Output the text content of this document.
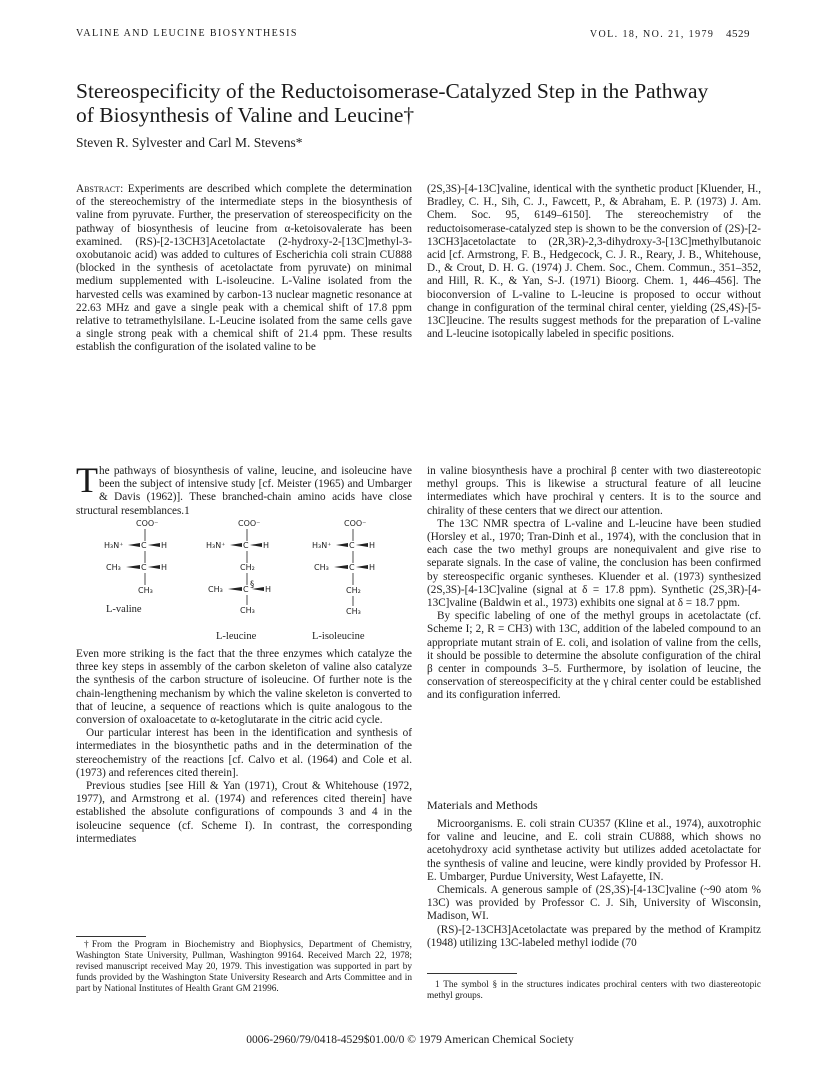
VALINE AND LEUCINE BIOSYNTHESIS	VOL. 18, NO. 21, 1979 4529
Stereospecificity of the Reductoisomerase-Catalyzed Step in the Pathway of Biosynthesis of Valine and Leucine†
Steven R. Sylvester and Carl M. Stevens*

Abstract: Experiments are described which complete the determination of the stereochemistry of the intermediate steps in the biosynthesis of valine from pyruvate. Further, the preservation of stereospecificity on the pathway of biosynthesis of leucine from α-ketoisovalerate has been examined. (RS)-[2-13CH3]Acetolactate (2-hydroxy-2-[13C]methyl-3-oxobutanoic acid) was added to cultures of Escherichia coli strain CU888 (blocked in the synthesis of acetolactate from pyruvate) on minimal medium supplemented with L-isoleucine. L-Valine isolated from the harvested cells was examined by carbon-13 nuclear magnetic resonance at 22.63 MHz and gave a single peak with a chemical shift of 17.8 ppm relative to tetramethylsilane. L-Leucine isolated from the same cells gave a single strong peak with a chemical shift of 21.4 ppm. These results establish the configuration of the isolated valine to be

(2S,3S)-[4-13C]valine, identical with the synthetic product [Kluender, H., Bradley, C. H., Sih, C. J., Fawcett, P., & Abraham, E. P. (1973) J. Am. Chem. Soc. 95, 6149–6150]. The stereochemistry of the reductoisomerase-catalyzed step is shown to be the conversion of (2S)-[2-13CH3]acetolactate to (2R,3R)-2,3-dihydroxy-3-[13C]methylbutanoic acid [cf. Armstrong, F. B., Hedgecock, C. J. R., Reary, J. B., Whitehouse, D., & Crout, D. H. G. (1974) J. Chem. Soc., Chem. Commun., 351–352, and Hill, R. K., & Yan, S-J. (1971) Bioorg. Chem. 1, 446–456]. The bioconversion of L-valine to L-leucine is proposed to occur without change in configuration of the terminal chiral center, yielding (2S,4S)-[5-13C]leucine. The results suggest methods for the preparation of L-valine and L-leucine isotopically labeled in specific positions.

The pathways of biosynthesis of valine, leucine, and isoleucine have been the subject of intensive study [cf. Meister (1965) and Umbarger & Davis (1962)]. These branched-chain amino acids have close structural resemblances.1

COO⁻
H₃N⁺ C H
CH₃	C H
CH₃
L-valine
COO⁻
H₃N⁺ C H
CH₂
CH₃	C § H
CH₃
L-leucine
COO⁻
H₃N⁺ C H
CH₃	C H
CH₂
CH₃
L-isoleucine

Even more striking is the fact that the three enzymes which catalyze the three key steps in assembly of the carbon skeleton of valine also catalyze the synthesis of the carbon structure of isoleucine. Of further note is the chain-lengthening mechanism by which the valine skeleton is converted to that of leucine, a sequence of reactions which is quite analogous to the conversion of oxaloacetate to α-ketoglutarate in the citric acid cycle.

Our particular interest has been in the identification and synthesis of intermediates in the biosynthetic paths and in the determination of the stereochemistry of the reactions [cf. Calvo et al. (1964) and Cole et al. (1973) and references cited therein].

Previous studies [see Hill & Yan (1971), Crout & Whitehouse (1972, 1977), and Armstrong et al. (1974) and references cited therein] have established the absolute configurations of compounds 3 and 4 in the isoleucine sequence (cf. Scheme I). In contrast, the corresponding intermediates

†From the Program in Biochemistry and Biophysics, Department of Chemistry, Washington State University, Pullman, Washington 99164. Received March 22, 1978; revised manuscript received May 20, 1979. This investigation was supported in part by funds provided by the Washington State University Research and Arts Committee and in part by National Institutes of Health Grant GM 21996.

in valine biosynthesis have a prochiral β center with two diastereotopic methyl groups. This is likewise a structural feature of all leucine intermediates which have prochiral γ centers. It is to the source and chirality of these centers that we direct our attention.

The 13C NMR spectra of L-valine and L-leucine have been studied (Horsley et al., 1970; Tran-Dinh et al., 1974), with the conclusion that in each case the two methyl groups are nonequivalent and give rise to separate signals. In the case of valine, the conclusion has been confirmed by stereospecific organic syntheses. Kluender et al. (1973) synthesized (2S,3S)-[4-13C]valine (signal at δ = 17.8 ppm). Synthetic (2S,3R)-[4-13C]valine (Baldwin et al., 1973) exhibits one signal at δ = 18.7 ppm.

By specific labeling of one of the methyl groups in acetolactate (cf. Scheme I; 2, R = CH3) with 13C, addition of the labeled compound to an appropriate mutant strain of E. coli, and isolation of valine from the cells, it should be possible to determine the absolute configuration of the chiral β center in compounds 3–5. Furthermore, by isolation of leucine, the conservation of stereospecificity at the γ chiral center could be established and its configuration inferred.

Materials and Methods

Microorganisms. E. coli strain CU357 (Kline et al., 1974), auxotrophic for valine and leucine, and E. coli strain CU888, which shows no acetohydroxy acid synthetase activity but utilizes added acetolactate for the synthesis of valine and leucine, were kindly provided by Professor H. E. Umbarger, Purdue University, West Lafayette, IN.

Chemicals. A generous sample of (2S,3S)-[4-13C]valine (~90 atom % 13C) was provided by Professor C. J. Sih, University of Wisconsin, Madison, WI.

(RS)-[2-13CH3]Acetolactate was prepared by the method of Krampitz (1948) utilizing 13C-labeled methyl iodide (70

1 The symbol § in the structures indicates prochiral centers with two diastereotopic methyl groups.

0006-2960/79/0418-4529$01.00/0 © 1979 American Chemical Society
